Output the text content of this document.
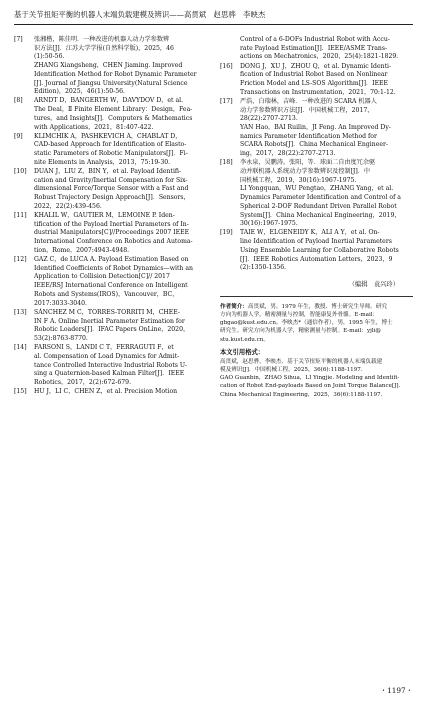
基于关节扭矩平衡的机器人末端负载建模及辨识——高贯斌　赵思骅　李映杰
[7] 张湘楷，陈佳明．一种改进的机器人动力学参数辨
识方法[J]．江苏大学学报(自然科学版)，2025，46
(1):50-56.
ZHANG Xiangsheng，CHEN Jiaming. Improved
Identification Method for Robot Dynamic Parameter
[J]. Journal of Jiangsu University(Natural Science
Edition)，2025，46(1):50-56.
[8] ARNDT D，BANGERTH W，DAVYDOV D，et al.
The Deal，Ⅱ Finite Element Library：Design，Fea-
tures，and Insights[J]．Computers & Mathematics
with Applications，2021，81:407-422.
[9] KLIMCHIK A，PASHKEVICH A，CHABLAT D，
CAD-based Approach for Identification of Elasto-
static Parameters of Robotic Manipulators[J]．Fi-
nite Elements in Analysis，2013，75:19-30.
[10] DUAN J，LIU Z，BIN Y，et al. Payload Identifi-
cation and Gravity/Inertial Compensation for Six-
dimensional Force/Torque Sensor with a Fast and
Robust Trajectory Design Approach[J]．Sensors，
2022，22(2):439-456.
[11] KHALIL W，GAUTIER M，LEMOINE P. Iden-
tification of the Payload Inertial Parameters of In-
dustrial Manipulators[C]//Proceedings 2007 IEEE
International Conference on Robotics and Automa-
tion，Rome，2007:4943-4948.
[12] GAZ C，de LUCA A. Payload Estimation Based on
Identified Coefficients of Robot Dynamics—with an
Application to Collision Detection[C]// 2017
IEEE/RSJ International Conference on Intelligent
Robots and Systems(IROS)，Vancouver，BC，
2017:3033-3040.
[13] SÁNCHEZ M C，TORRES-TORRITI M，CHEE-
IN F A. Online Inertial Parameter Estimation for
Robotic Loaders[J]．IFAC Papers OnLine，2020，
53(2):8763-8770.
[14] FARSONI S，LANDI C T，FERRAGUTI F，et
al. Compensation of Load Dynamics for Admit-
tance Controlled Interactive Industrial Robots U-
sing a Quaternion-based Kalman Filter[J]．IEEE
Robotics，2017，2(2):672-679.
[15] HU J，LI C，CHEN Z，et al. Precision Motion
Control of a 6-DOFs Industrial Robot with Accu-
rate Payload Estimation[J]．IEEE/ASME Trans-
actions on Mechatronics，2020，25(4):1821-1829.
[16] DONG J，XU J，ZHOU Q，et al. Dynamic Identi-
fication of Industrial Robot Based on Nonlinear
Friction Model and LS-SOS Algorithm[J]．IEEE
Transactions on Instrumentation，2021，70:1-12.
[17] 严浩，白瑞林，吉峰．一种改进的 SCARA 机器人
动力学参数辨识方法[J]．中国机械工程，2017，
28(22):2707-2713.
YAN Hao，BAI Ruilin，JI Feng. An Improved Dy-
namics Parameter Identification Method for
SCARA Robots[J]．China Mechanical Engineer-
ing，2017，28(22):2707-2713.
[18] 李永泉，吴鹏涛，张阳，等．球面二自由度冗余驱
动并联机器人系统动力学参数辨识及控制[J]．中
国机械工程，2019，30(16):1967-1975.
LI Yongquan，WU Pengtao，ZHANG Yang，et al.
Dynamics Parameter Identification and Control of a
Spherical 2-DOF Redundant Driven Parallel Robot
System[J]．China Mechanical Engineering，2019，
30(16):1967-1975.
[19] TAIE W，ELGENEIDY K，ALI A Y，et al. On-
line Identification of Payload Inertial Parameters
Using Ensemble Learning for Collaborative Robots
[J]．IEEE Robotics Automation Letters，2023，9
(2):1350-1356.
（编辑　袁兴玲）
作者简介：高贯斌，男，1979 年生，教授、博士研究生导师。研究
方向为机器人学，精密测量与控制，智能康复外骨骼。E-mail：
gbgao@kust.edu.cn。李映杰*（通信作者），男，1995 年生，博士
研究生。研究方向为机器人学，精密测量与控制。E-mail：yjli@
stu.kust.edu.cn。
本文引用格式：
高贯斌，赵思骅，李映杰．基于关节扭矩平衡的机器人末端负载建
模及辨识[J]．中国机械工程，2025，36(6):1188-1197.
GAO Guanbin，ZHAO Sihua，LI Yingjie. Modeling and Identifi-
cation of Robot End-payloads Based on Joint Torque Balance[J].
China Mechanical Engineering，2025，36(6):1188-1197.
・1197・
